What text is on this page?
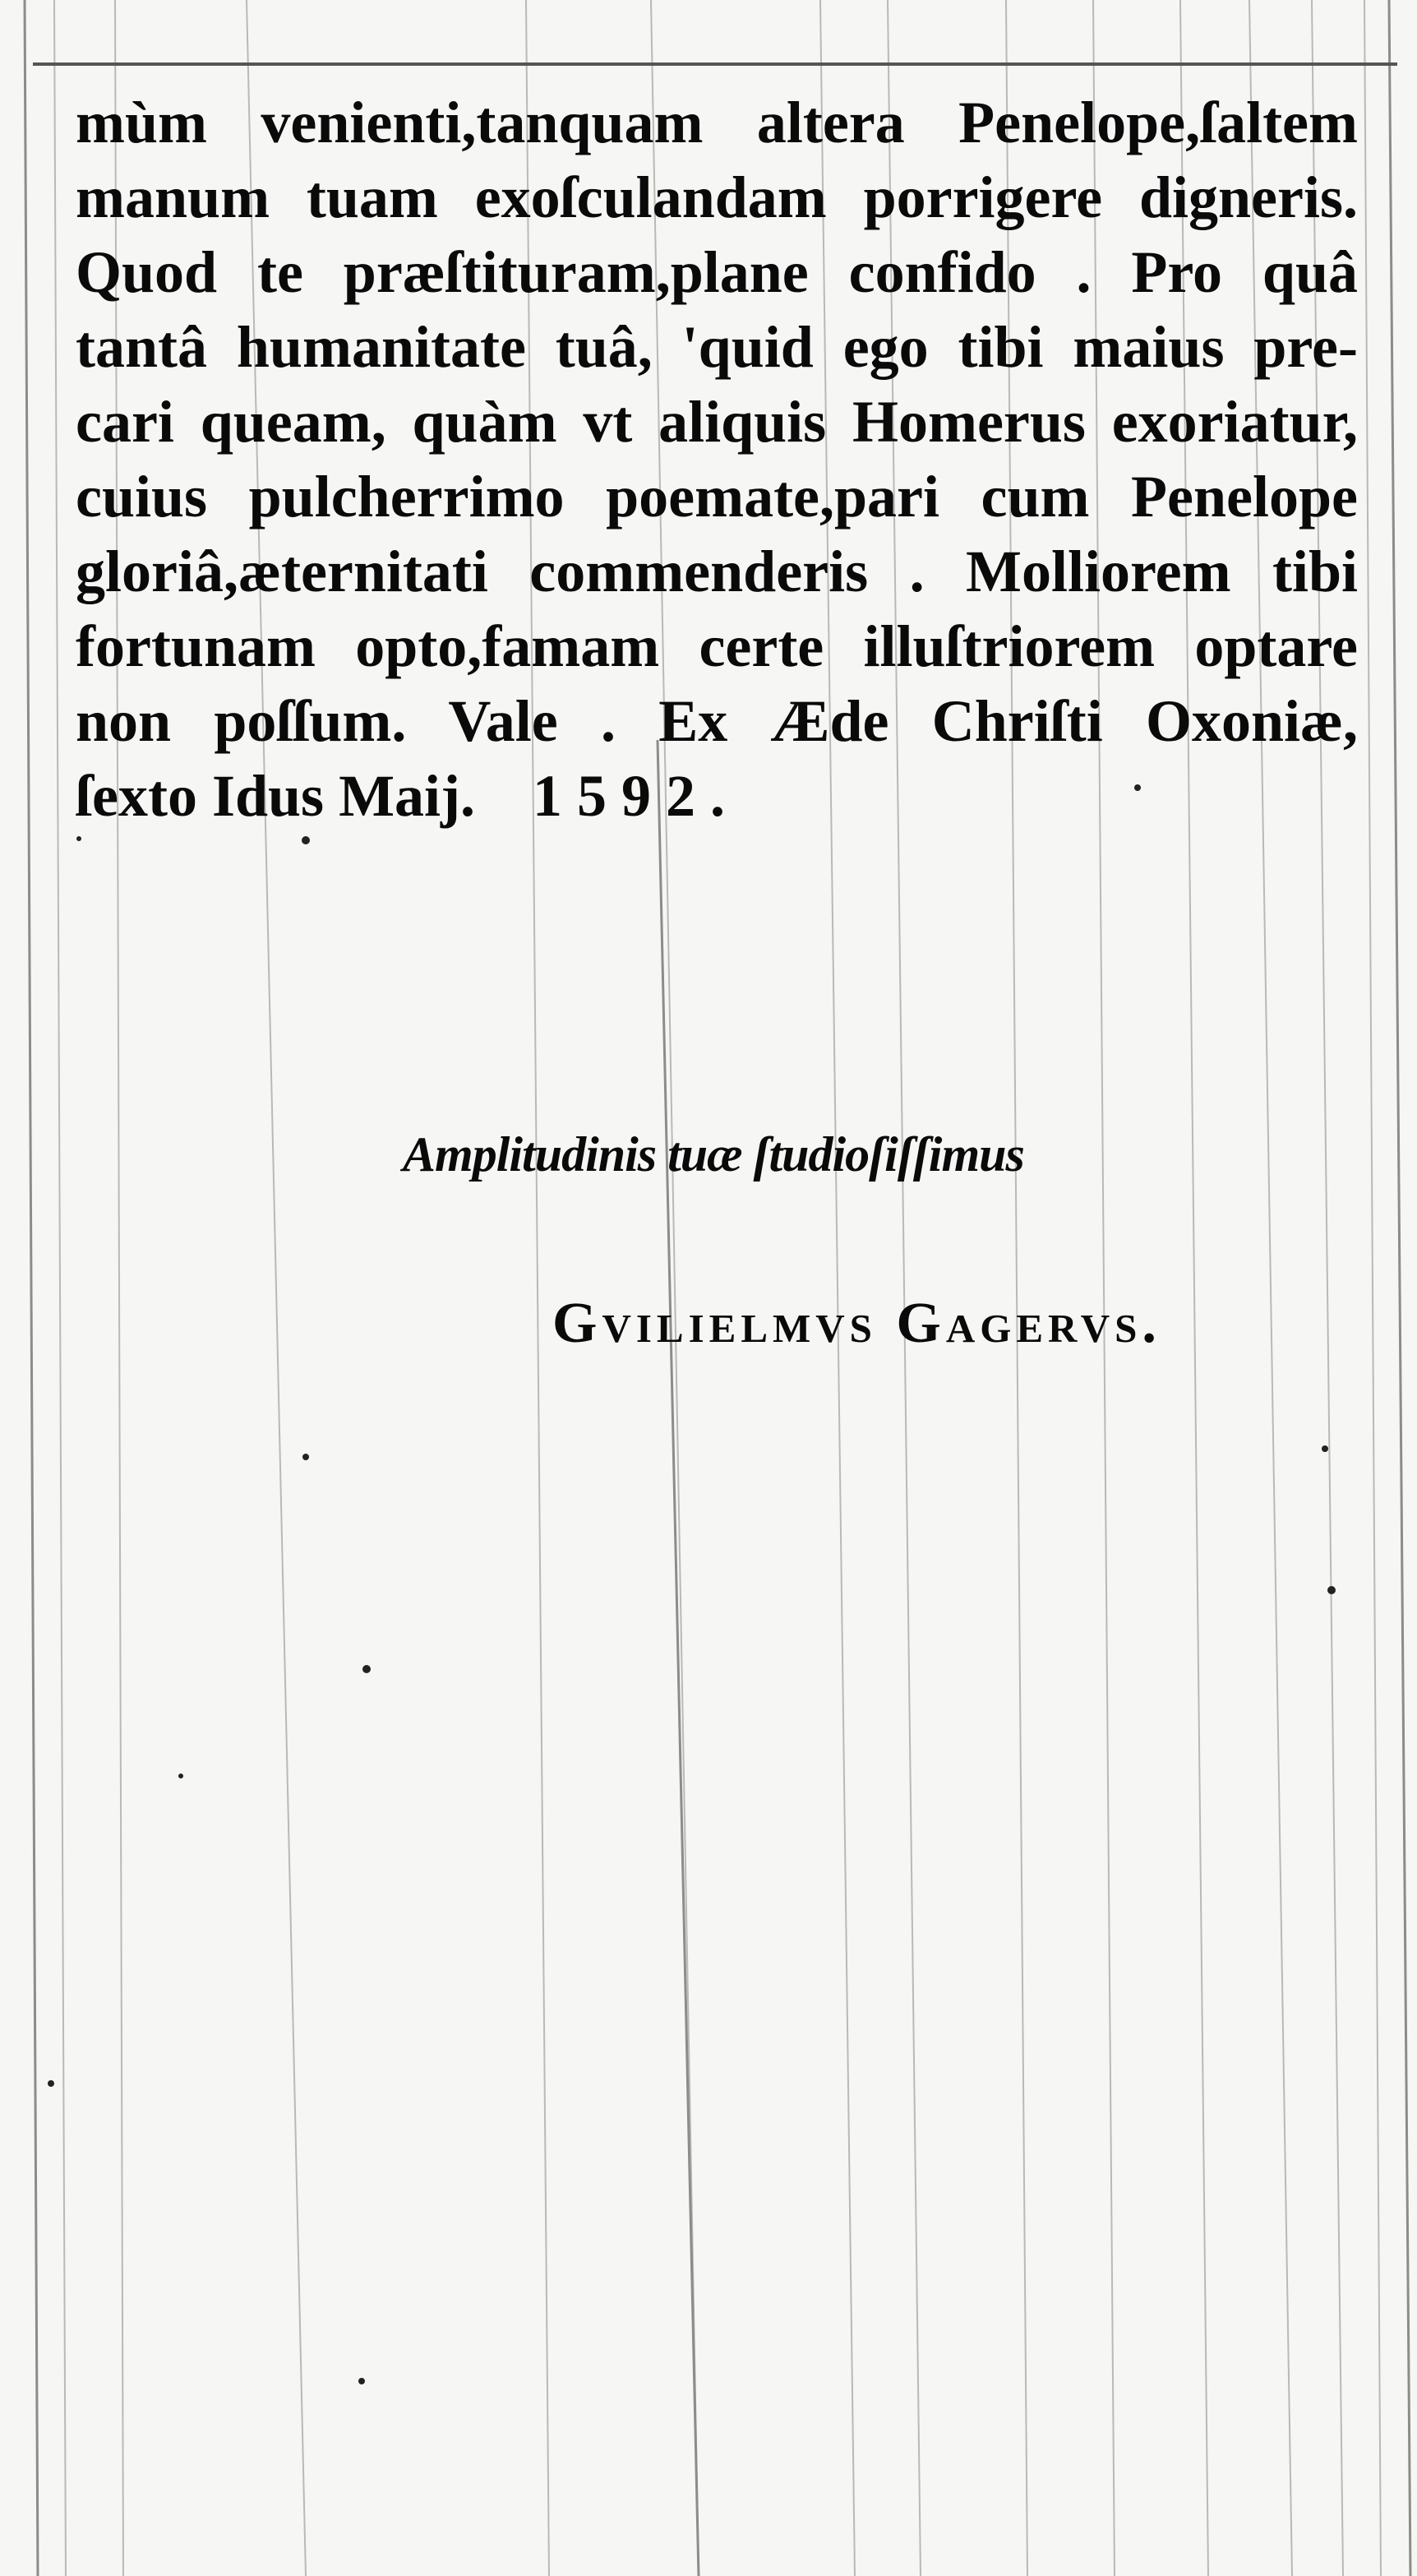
mùm venienti,tanquam altera Penelope,ſaltem
manum tuam exoſculandam porrigere digneris.
Quod te præſtituram,plane confido . Pro quâ
tantâ humanitate tuâ, 'quid ego tibi maius pre-
cari queam, quàm vt aliquis Homerus exoriatur,
cuius pulcherrimo poemate,pari cum Penelope
gloriâ,æternitati commenderis . Molliorem tibi
fortunam opto,famam certe illuſtriorem optare
non poſſum. Vale . Ex Æde Chriſti Oxoniæ,
ſexto Idus Maij. 1592.
Amplitudinis tuæ ſtudioſiſſimus
Gvilielmvs Gagervs.
